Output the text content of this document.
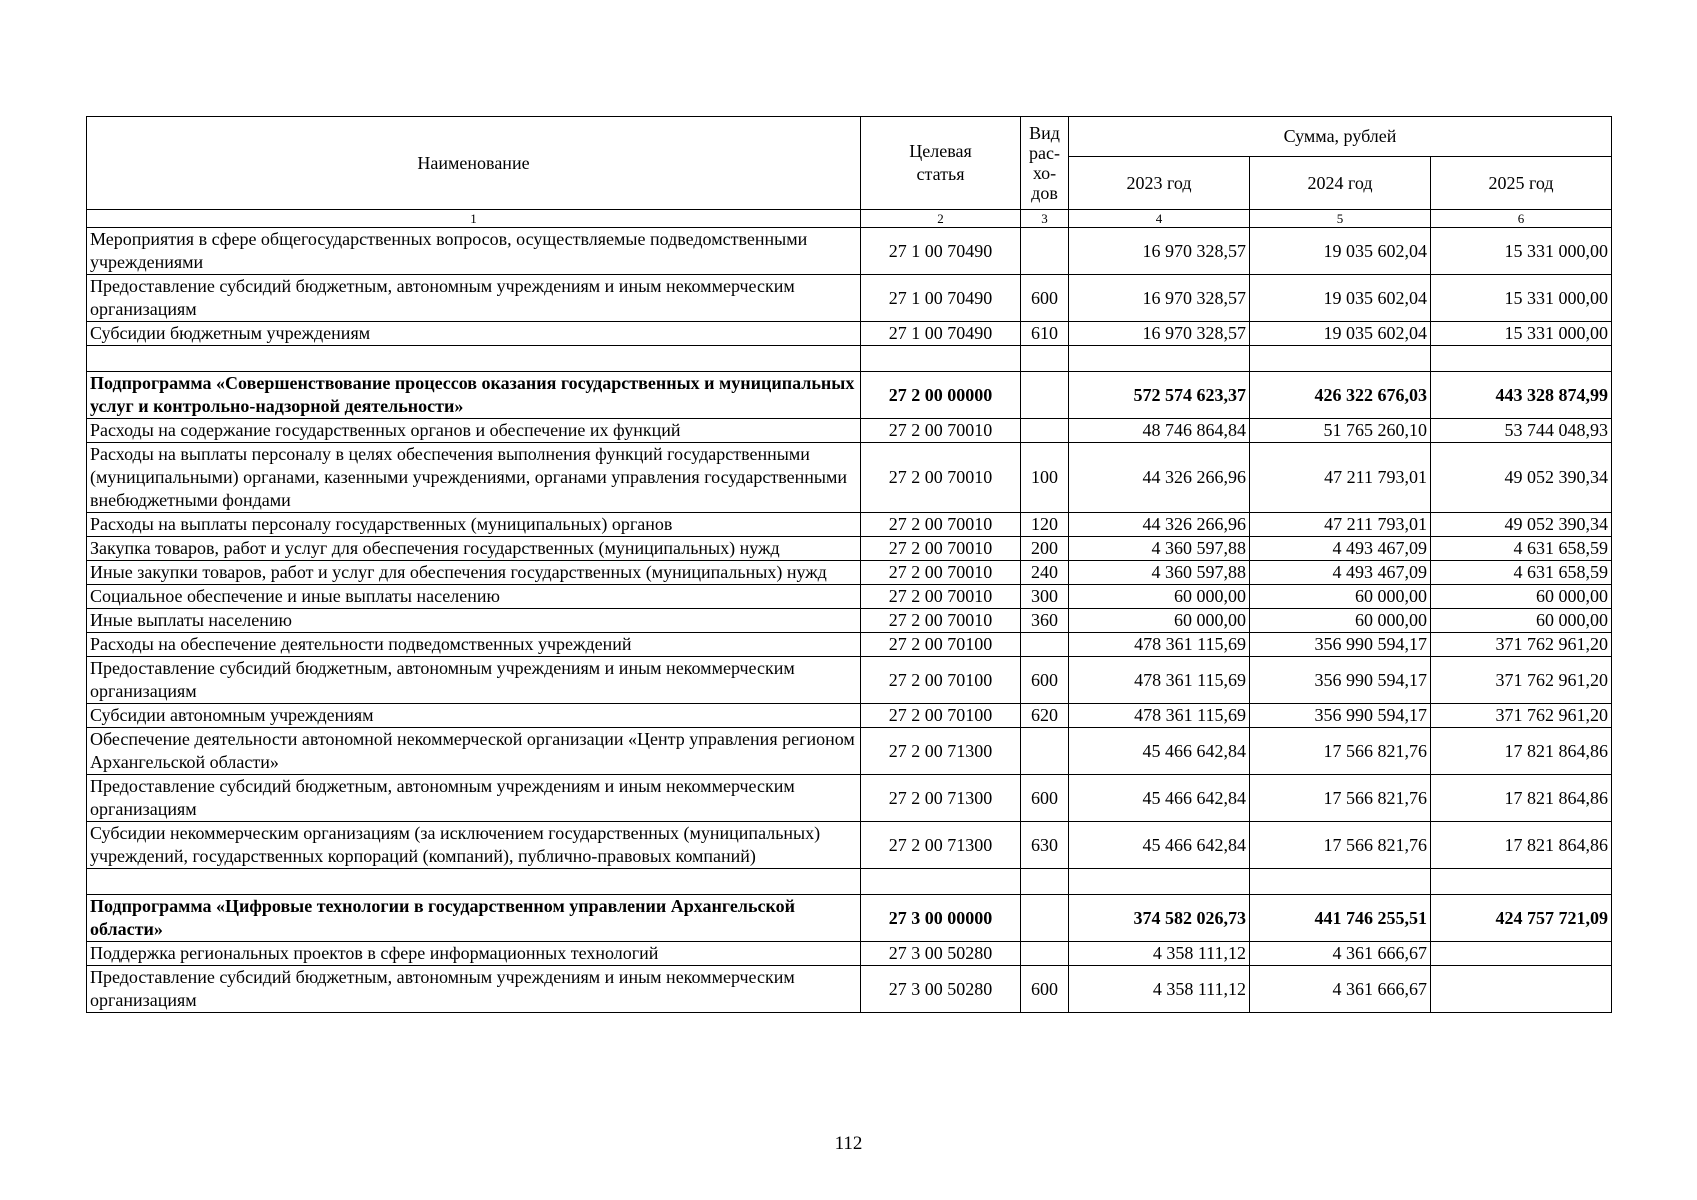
Наименование	Целевая статья	Вид рас- хо- дов	Сумма, рублей		
			2023 год	2024 год	2025 год
1	2	3	4	5	6
Мероприятия в сфере общегосударственных вопросов, осуществляемые подведомственными учреждениями	27 1 00 70490		16 970 328,57	19 035 602,04	15 331 000,00
Предоставление субсидий бюджетным, автономным учреждениям и иным некоммерческим организациям	27 1 00 70490	600	16 970 328,57	19 035 602,04	15 331 000,00
Субсидии бюджетным учреждениям	27 1 00 70490	610	16 970 328,57	19 035 602,04	15 331 000,00

Подпрограмма «Совершенствование процессов оказания государственных и муниципальных услуг и контрольно-надзорной деятельности»	27 2 00 00000		572 574 623,37	426 322 676,03	443 328 874,99
Расходы на содержание государственных органов и обеспечение их функций	27 2 00 70010		48 746 864,84	51 765 260,10	53 744 048,93
Расходы на выплаты персоналу в целях обеспечения выполнения функций государственными (муниципальными) органами, казенными учреждениями, органами управления государственными внебюджетными фондами	27 2 00 70010	100	44 326 266,96	47 211 793,01	49 052 390,34
Расходы на выплаты персоналу государственных (муниципальных) органов	27 2 00 70010	120	44 326 266,96	47 211 793,01	49 052 390,34
Закупка товаров, работ и услуг для обеспечения государственных (муниципальных) нужд	27 2 00 70010	200	4 360 597,88	4 493 467,09	4 631 658,59
Иные закупки товаров, работ и услуг для обеспечения государственных (муниципальных) нужд	27 2 00 70010	240	4 360 597,88	4 493 467,09	4 631 658,59
Социальное обеспечение и иные выплаты населению	27 2 00 70010	300	60 000,00	60 000,00	60 000,00
Иные выплаты населению	27 2 00 70010	360	60 000,00	60 000,00	60 000,00
Расходы на обеспечение деятельности подведомственных учреждений	27 2 00 70100		478 361 115,69	356 990 594,17	371 762 961,20
Предоставление субсидий бюджетным, автономным учреждениям и иным некоммерческим организациям	27 2 00 70100	600	478 361 115,69	356 990 594,17	371 762 961,20
Субсидии автономным учреждениям	27 2 00 70100	620	478 361 115,69	356 990 594,17	371 762 961,20
Обеспечение деятельности автономной некоммерческой организации «Центр управления регионом Архангельской области»	27 2 00 71300		45 466 642,84	17 566 821,76	17 821 864,86
Предоставление субсидий бюджетным, автономным учреждениям и иным некоммерческим организациям	27 2 00 71300	600	45 466 642,84	17 566 821,76	17 821 864,86
Субсидии некоммерческим организациям (за исключением государственных (муниципальных) учреждений, государственных корпораций (компаний), публично-правовых компаний)	27 2 00 71300	630	45 466 642,84	17 566 821,76	17 821 864,86

Подпрограмма «Цифровые технологии в государственном управлении Архангельской области»	27 3 00 00000		374 582 026,73	441 746 255,51	424 757 721,09
Поддержка региональных проектов в сфере информационных технологий	27 3 00 50280		4 358 111,12	4 361 666,67	
Предоставление субсидий бюджетным, автономным учреждениям и иным некоммерческим организациям	27 3 00 50280	600	4 358 111,12	4 361 666,67	
112
